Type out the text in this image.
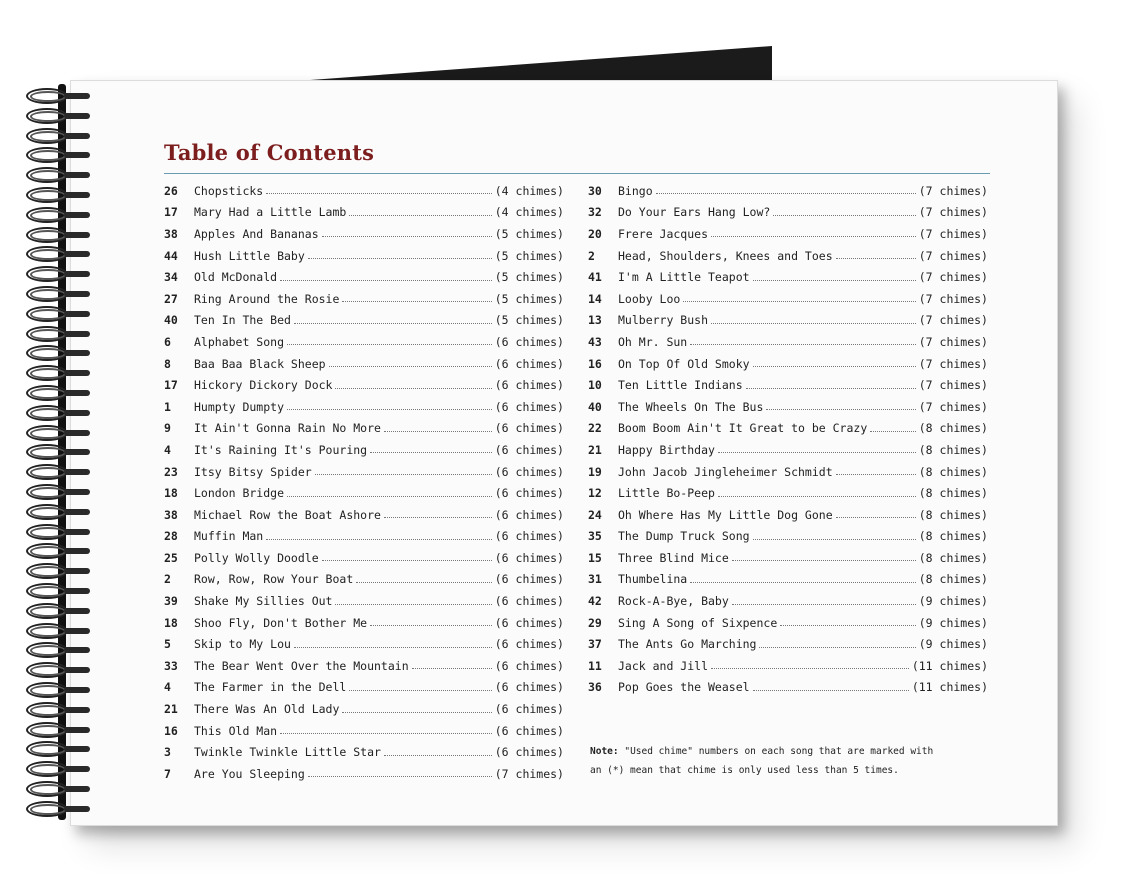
Table of Contents
26	Chopsticks	(4 chimes)
17	Mary Had a Little Lamb	(4 chimes)
38	Apples And Bananas	(5 chimes)
44	Hush Little Baby	(5 chimes)
34	Old McDonald	(5 chimes)
27	Ring Around the Rosie	(5 chimes)
40	Ten In The Bed	(5 chimes)
6	Alphabet Song	(6 chimes)
8	Baa Baa Black Sheep	(6 chimes)
17	Hickory Dickory Dock	(6 chimes)
1	Humpty Dumpty	(6 chimes)
9	It Ain't Gonna Rain No More	(6 chimes)
4	It's Raining It's Pouring	(6 chimes)
23	Itsy Bitsy Spider	(6 chimes)
18	London Bridge	(6 chimes)
38	Michael Row the Boat Ashore	(6 chimes)
28	Muffin Man	(6 chimes)
25	Polly Wolly Doodle	(6 chimes)
2	Row, Row, Row Your Boat	(6 chimes)
39	Shake My Sillies Out	(6 chimes)
18	Shoo Fly, Don't Bother Me	(6 chimes)
5	Skip to My Lou	(6 chimes)
33	The Bear Went Over the Mountain	(6 chimes)
4	The Farmer in the Dell	(6 chimes)
21	There Was An Old Lady	(6 chimes)
16	This Old Man	(6 chimes)
3	Twinkle Twinkle Little Star	(6 chimes)
7	Are You Sleeping	(7 chimes)
30	Bingo	(7 chimes)
32	Do Your Ears Hang Low?	(7 chimes)
20	Frere Jacques	(7 chimes)
2	Head, Shoulders, Knees and Toes	(7 chimes)
41	I'm A Little Teapot	(7 chimes)
14	Looby Loo	(7 chimes)
13	Mulberry Bush	(7 chimes)
43	Oh Mr. Sun	(7 chimes)
16	On Top Of Old Smoky	(7 chimes)
10	Ten Little Indians	(7 chimes)
40	The Wheels On The Bus	(7 chimes)
22	Boom Boom Ain't It Great to be Crazy	(8 chimes)
21	Happy Birthday	(8 chimes)
19	John Jacob Jingleheimer Schmidt	(8 chimes)
12	Little Bo-Peep	(8 chimes)
24	Oh Where Has My Little Dog Gone	(8 chimes)
35	The Dump Truck Song	(8 chimes)
15	Three Blind Mice	(8 chimes)
31	Thumbelina	(8 chimes)
42	Rock-A-Bye, Baby	(9 chimes)
29	Sing A Song of Sixpence	(9 chimes)
37	The Ants Go Marching	(9 chimes)
11	Jack and Jill	(11 chimes)
36	Pop Goes the Weasel	(11 chimes)
Note: "Used chime" numbers on each song that are marked with
an (*) mean that chime is only used less than 5 times.
